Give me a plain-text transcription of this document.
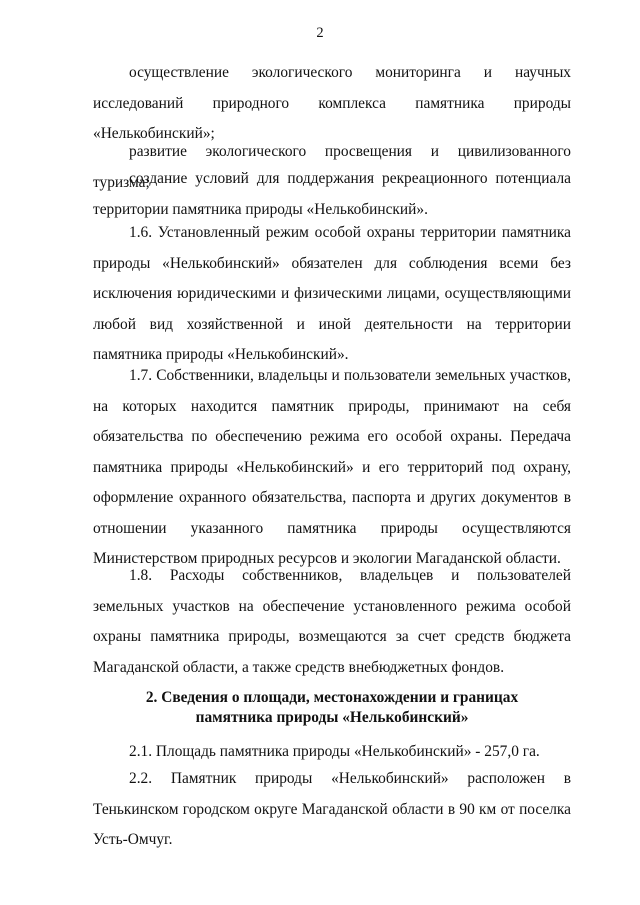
2

осуществление экологического мониторинга и научных исследований природного комплекса памятника природы «Нелькобинский»;

развитие экологического просвещения и цивилизованного туризма;

создание условий для поддержания рекреационного потенциала территории памятника природы «Нелькобинский».

1.6. Установленный режим особой охраны территории памятника природы «Нелькобинский» обязателен для соблюдения всеми без исключения юридическими и физическими лицами, осуществляющими любой вид хозяйственной и иной деятельности на территории памятника природы «Нелькобинский».

1.7. Собственники, владельцы и пользователи земельных участков, на которых находится памятник природы, принимают на себя обязательства по обеспечению режима его особой охраны. Передача памятника природы «Нелькобинский» и его территорий под охрану, оформление охранного обязательства, паспорта и других документов в отношении указанного памятника природы осуществляются Министерством природных ресурсов и экологии Магаданской области.

1.8. Расходы собственников, владельцев и пользователей земельных участков на обеспечение установленного режима особой охраны памятника природы, возмещаются за счет средств бюджета Магаданской области, а также средств внебюджетных фондов.

2. Сведения о площади, местонахождении и границах
памятника природы «Нелькобинский»

2.1. Площадь памятника природы «Нелькобинский» - 257,0 га.

2.2. Памятник природы «Нелькобинский» расположен в Тенькинском городском округе Магаданской области в 90 км от поселка Усть-Омчуг.
